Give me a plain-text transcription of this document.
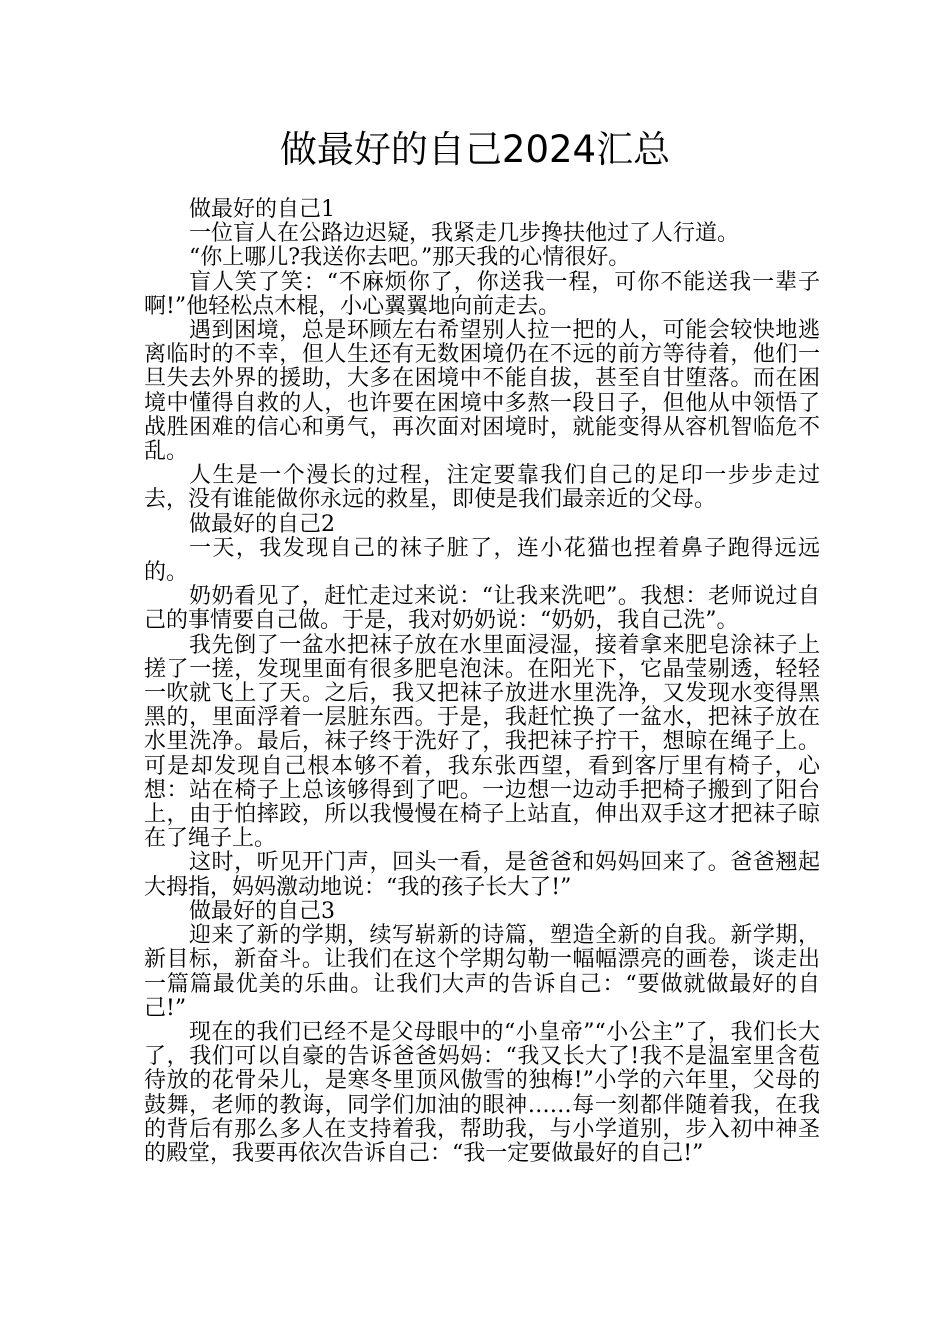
做最好的自己2024汇总

做最好的自己1

一位盲人在公路边迟疑，我紧走几步搀扶他过了人行道。

“你上哪儿?我送你去吧。”那天我的心情很好。

盲人笑了笑：“不麻烦你了，你送我一程，可你不能送我一辈子啊!”他轻松点木棍，小心翼翼地向前走去。

遇到困境，总是环顾左右希望别人拉一把的人，可能会较快地逃离临时的不幸，但人生还有无数困境仍在不远的前方等待着，他们一旦失去外界的援助，大多在困境中不能自拔，甚至自甘堕落。而在困境中懂得自救的人，也许要在困境中多熬一段日子，但他从中领悟了战胜困难的信心和勇气，再次面对困境时，就能变得从容机智临危不乱。

人生是一个漫长的过程，注定要靠我们自己的足印一步步走过去，没有谁能做你永远的救星，即使是我们最亲近的父母。

做最好的自己2

一天，我发现自己的袜子脏了，连小花猫也捏着鼻子跑得远远的。

奶奶看见了，赶忙走过来说：“让我来洗吧”。我想：老师说过自己的事情要自己做。于是，我对奶奶说：“奶奶，我自己洗”。

我先倒了一盆水把袜子放在水里面浸湿，接着拿来肥皂涂袜子上搓了一搓，发现里面有很多肥皂泡沫。在阳光下，它晶莹剔透，轻轻一吹就飞上了天。之后，我又把袜子放进水里洗净，又发现水变得黑黑的，里面浮着一层脏东西。于是，我赶忙换了一盆水，把袜子放在水里洗净。最后，袜子终于洗好了，我把袜子拧干，想晾在绳子上。可是却发现自己根本够不着，我东张西望，看到客厅里有椅子，心想：站在椅子上总该够得到了吧。一边想一边动手把椅子搬到了阳台上，由于怕摔跤，所以我慢慢在椅子上站直，伸出双手这才把袜子晾在了绳子上。

这时，听见开门声，回头一看，是爸爸和妈妈回来了。爸爸翘起大拇指，妈妈激动地说：“我的孩子长大了!”

做最好的自己3

迎来了新的学期，续写崭新的诗篇，塑造全新的自我。新学期，新目标，新奋斗。让我们在这个学期勾勒一幅幅漂亮的画卷，谈走出一篇篇最优美的乐曲。让我们大声的告诉自己：“要做就做最好的自己!”

现在的我们已经不是父母眼中的“小皇帝”“小公主”了，我们长大了，我们可以自豪的告诉爸爸妈妈：“我又长大了!我不是温室里含苞待放的花骨朵儿，是寒冬里顶风傲雪的独梅!”小学的六年里，父母的鼓舞，老师的教诲，同学们加油的眼神……每一刻都伴随着我，在我的背后有那么多人在支持着我，帮助我，与小学道别，步入初中神圣的殿堂，我要再依次告诉自己：“我一定要做最好的自己!”
